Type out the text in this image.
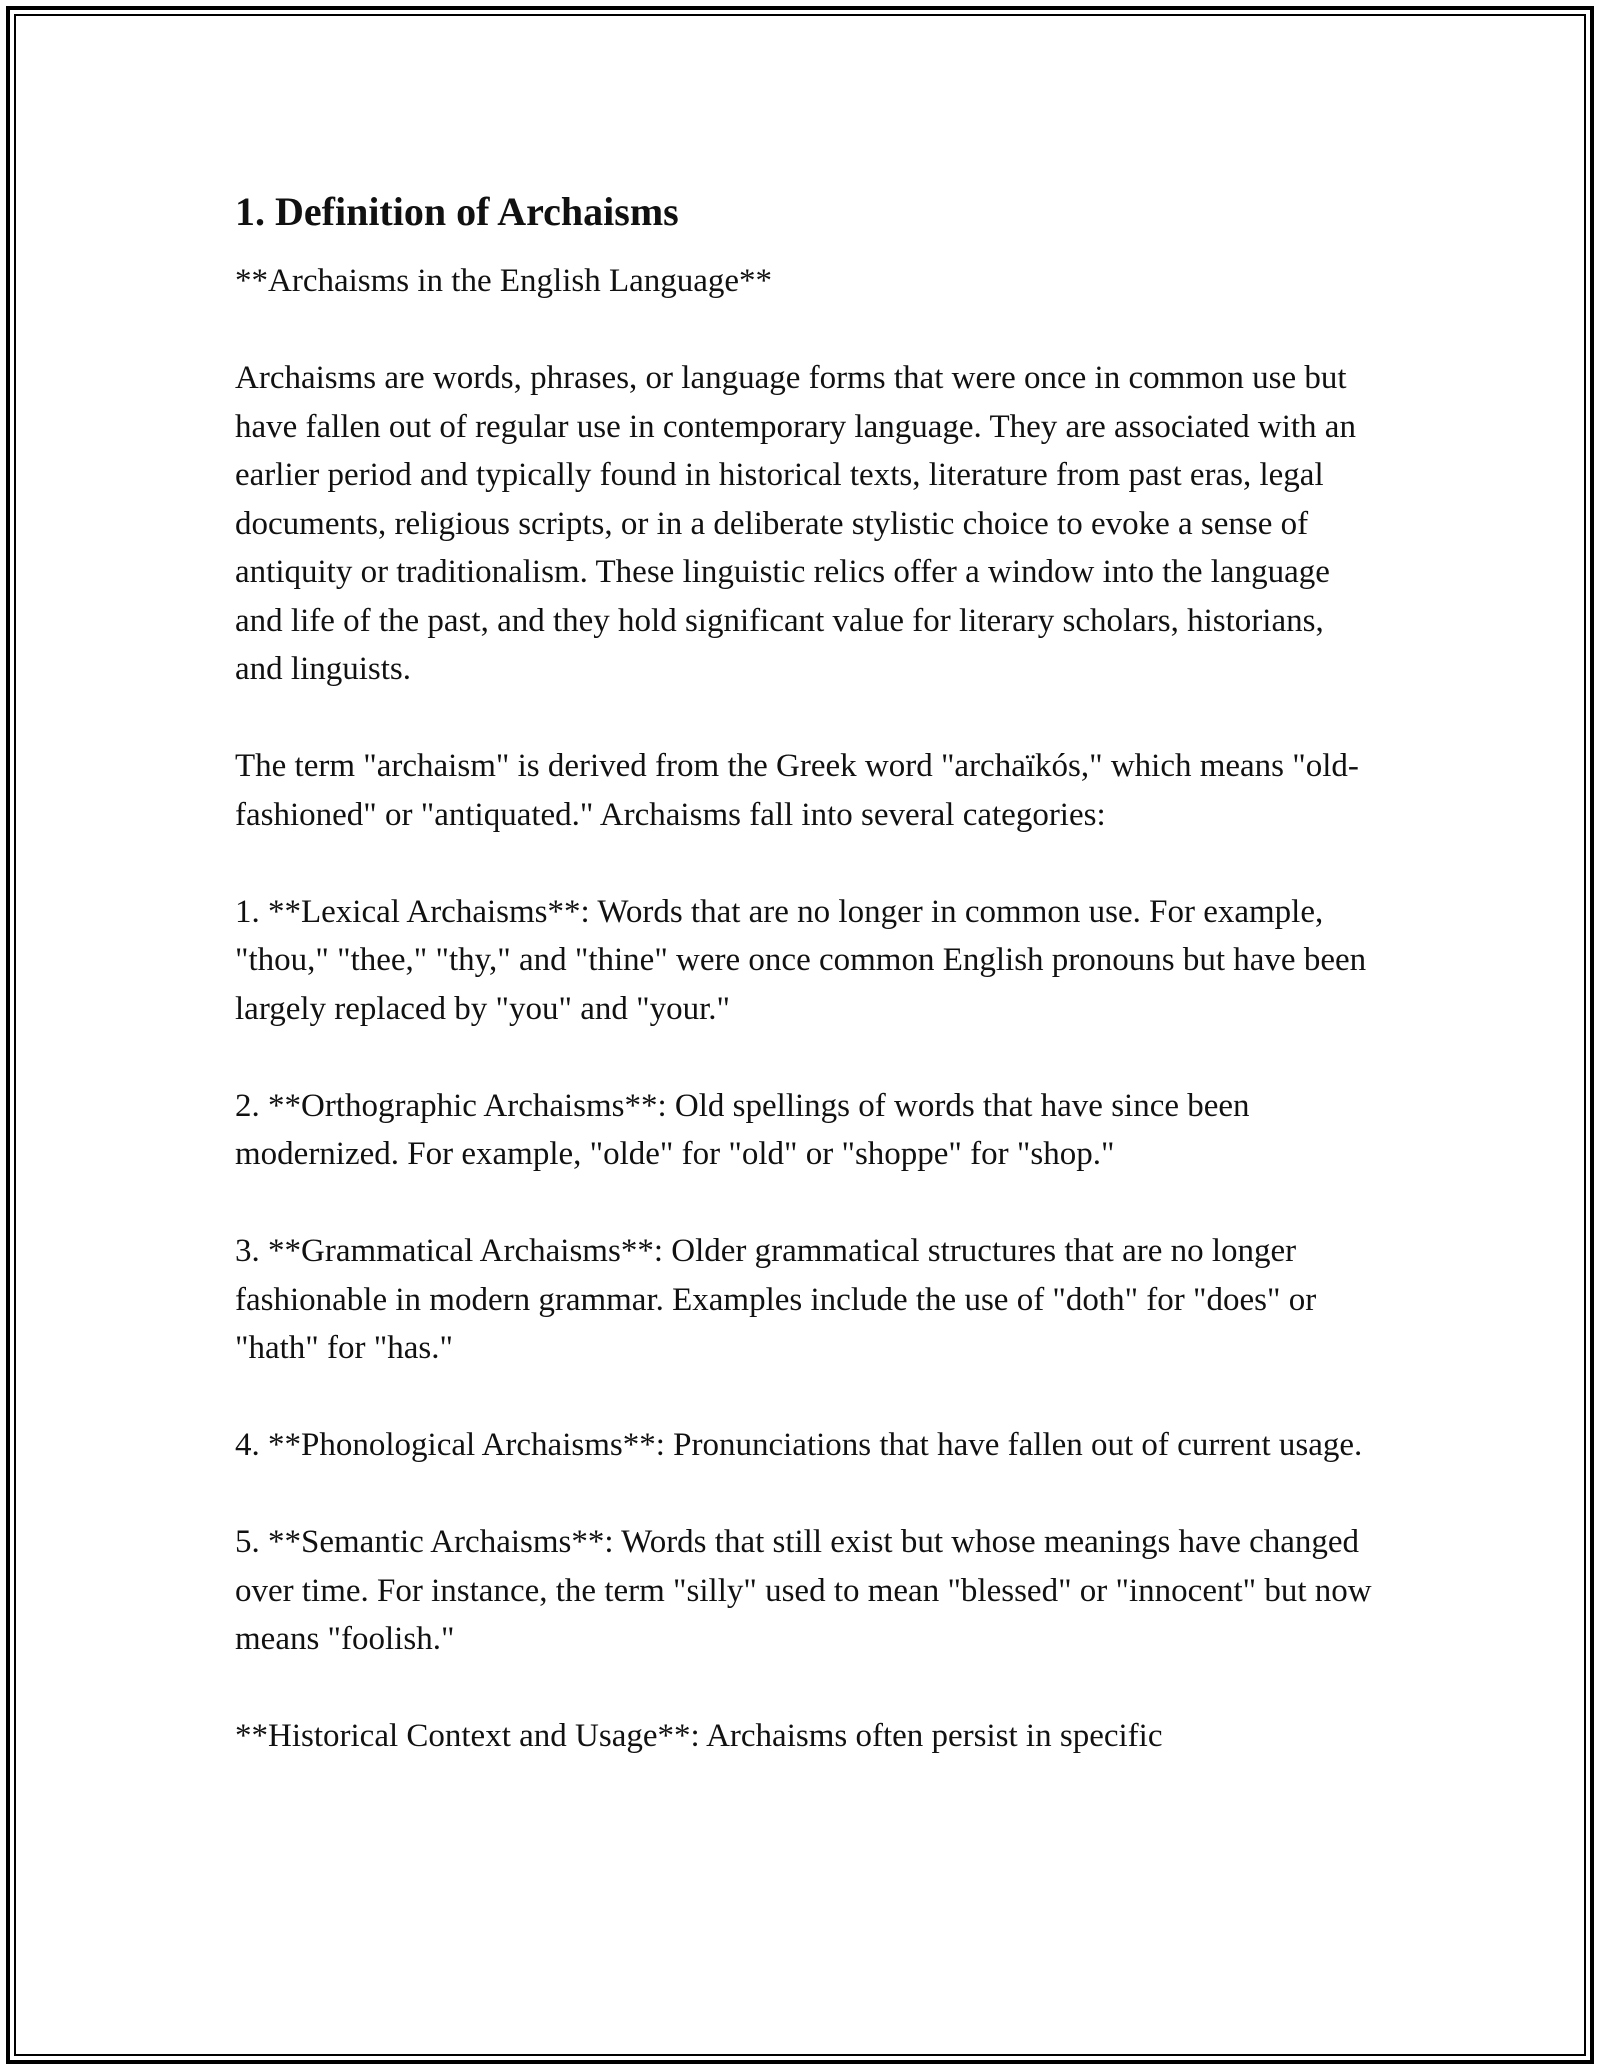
1. Definition of Archaisms

**Archaisms in the English Language**

Archaisms are words, phrases, or language forms that were once in common use but have fallen out of regular use in contemporary language. They are associated with an earlier period and typically found in historical texts, literature from past eras, legal documents, religious scripts, or in a deliberate stylistic choice to evoke a sense of antiquity or traditionalism. These linguistic relics offer a window into the language and life of the past, and they hold significant value for literary scholars, historians, and linguists.

The term "archaism" is derived from the Greek word "archaïkós," which means "old-fashioned" or "antiquated." Archaisms fall into several categories:

1. **Lexical Archaisms**: Words that are no longer in common use. For example, "thou," "thee," "thy," and "thine" were once common English pronouns but have been largely replaced by "you" and "your."

2. **Orthographic Archaisms**: Old spellings of words that have since been modernized. For example, "olde" for "old" or "shoppe" for "shop."

3. **Grammatical Archaisms**: Older grammatical structures that are no longer fashionable in modern grammar. Examples include the use of "doth" for "does" or "hath" for "has."

4. **Phonological Archaisms**: Pronunciations that have fallen out of current usage.

5. **Semantic Archaisms**: Words that still exist but whose meanings have changed over time. For instance, the term "silly" used to mean "blessed" or "innocent" but now means "foolish."

**Historical Context and Usage**: Archaisms often persist in specific
